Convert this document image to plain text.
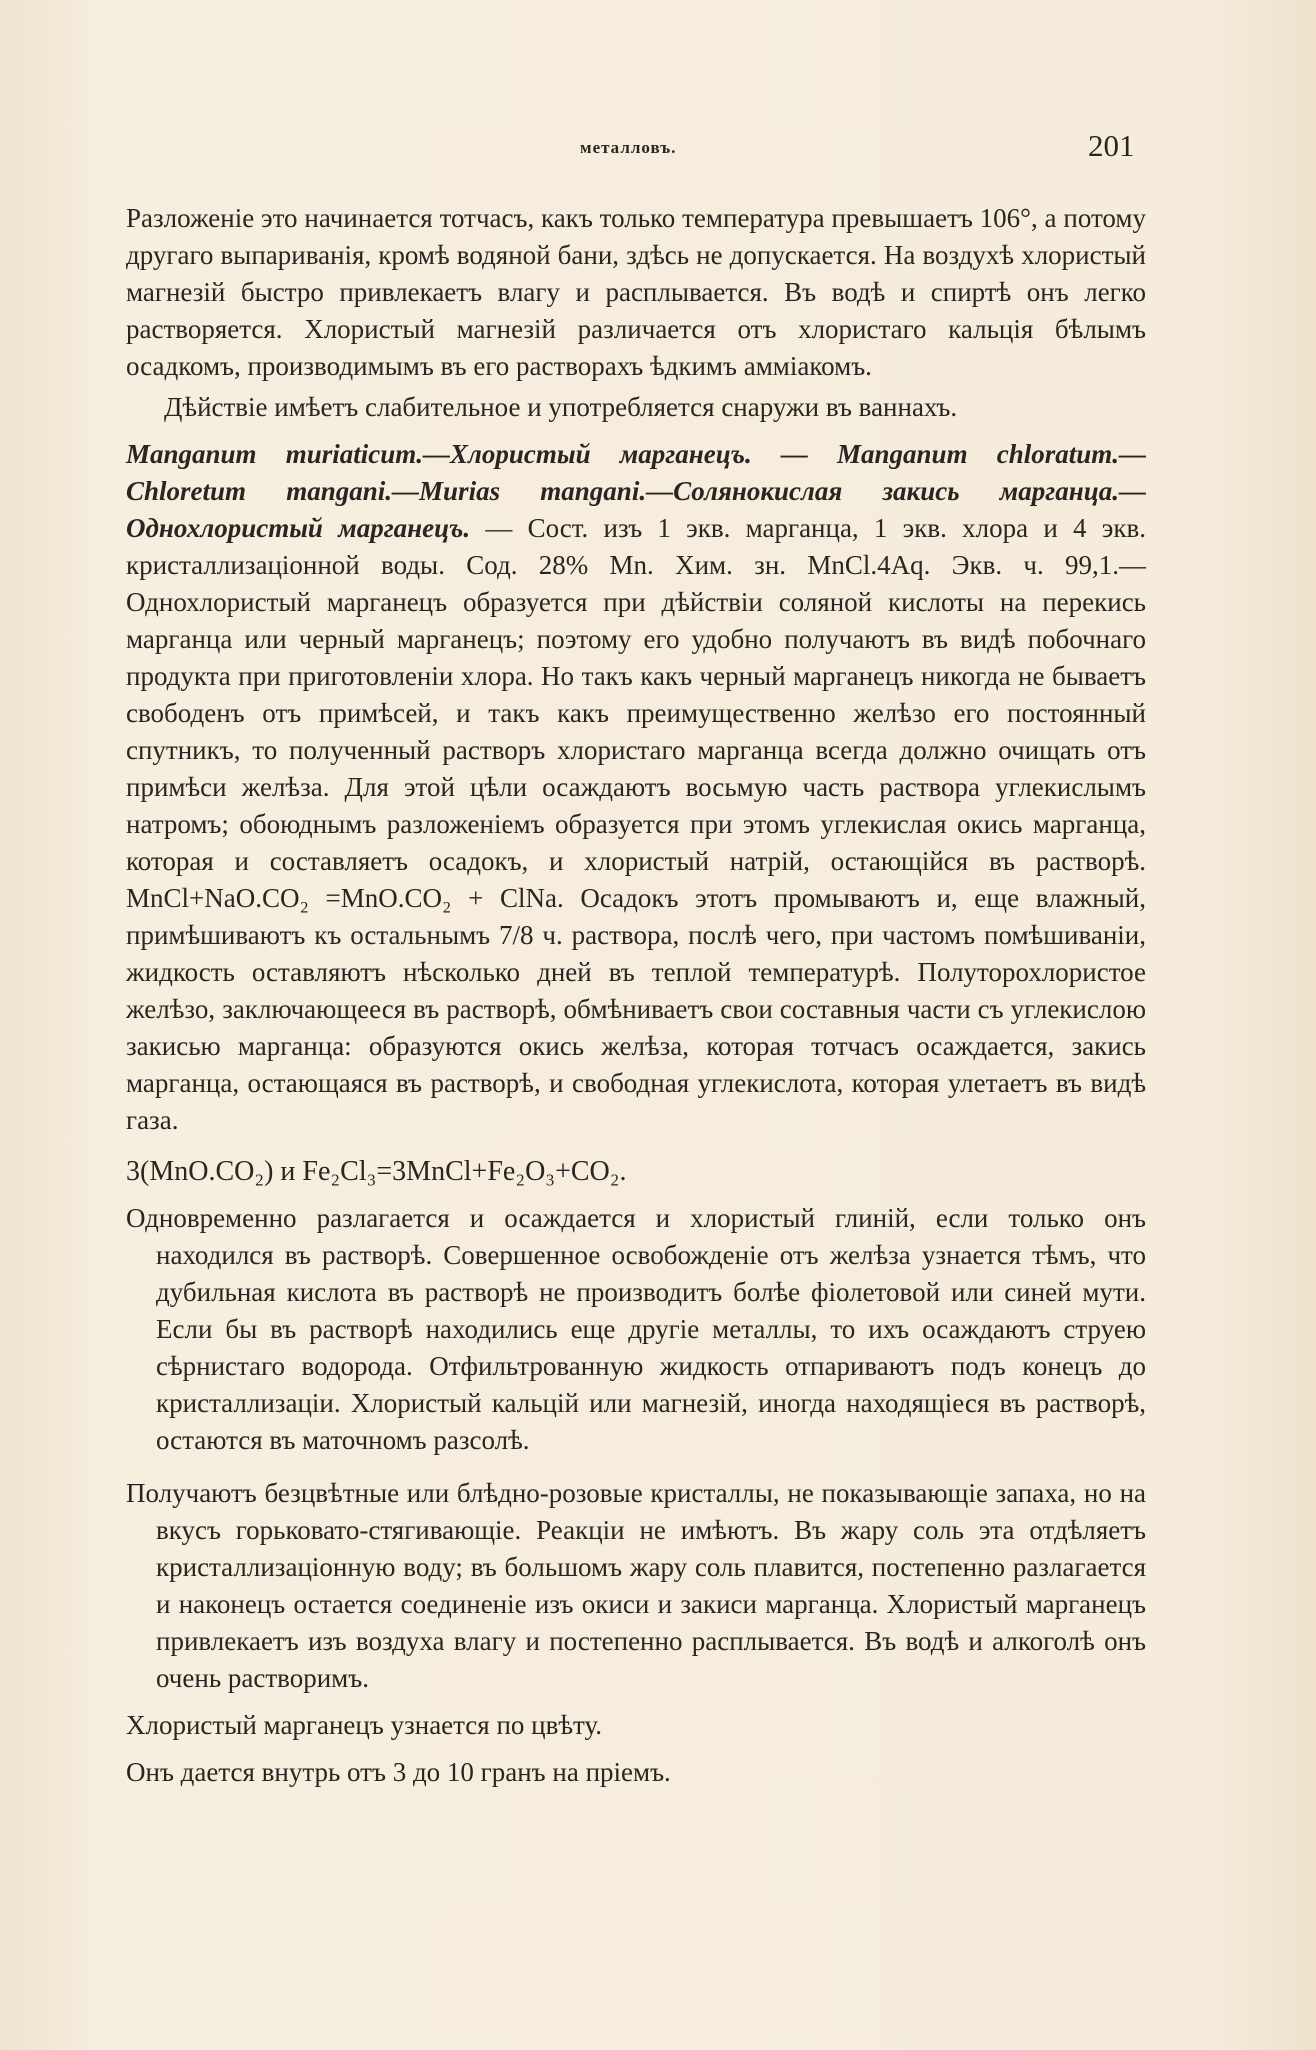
металловъ.	201

Разложеніе это начинается тотчасъ, какъ только температура превышаетъ 106°, а потому другаго выпариванія, кромѣ водяной бани, здѣсь не допускается. На воздухѣ хлористый магнезій быстро привлекаетъ влагу и расплывается. Въ водѣ и спиртѣ онъ легко растворяется. Хлористый магнезій различается отъ хлористаго кальція бѣлымъ осадкомъ, производимымъ въ его растворахъ ѣдкимъ амміакомъ.

Дѣйствіе имѣетъ слабительное и употребляется снаружи въ ваннахъ.

Manganum muriaticum.—Хлористый марганецъ. — Manganum chloratum.—Chloretum mangani.—Murias mangani.—Солянокислая закись марганца.—Однохлористый марганецъ. — Сост. изъ 1 экв. марганца, 1 экв. хлора и 4 экв. кристаллизаціонной воды. Сод. 28% Mn. Хим. зн. MnCl.4Aq. Экв. ч. 99,1.—Однохлористый марганецъ образуется при дѣйствіи соляной кислоты на перекись марганца или черный марганецъ; поэтому его удобно получаютъ въ видѣ побочнаго продукта при приготовленіи хлора. Но такъ какъ черный марганецъ никогда не бываетъ свободенъ отъ примѣсей, и такъ какъ преимущественно желѣзо его постоянный спутникъ, то полученный растворъ хлористаго марганца всегда должно очищать отъ примѣси желѣза. Для этой цѣли осаждаютъ восьмую часть раствора углекислымъ натромъ; обоюднымъ разложеніемъ образуется при этомъ углекислая окись марганца, которая и составляетъ осадокъ, и хлористый натрій, остающійся въ растворѣ. MnCl+NaO.CO₂ =MnO.CO₂ + ClNa. Осадокъ этотъ промываютъ и, еще влажный, примѣшиваютъ къ остальнымъ 7/8 ч. раствора, послѣ чего, при частомъ помѣшиваніи, жидкость оставляютъ нѣсколько дней въ теплой температурѣ. Полуторохлористое желѣзо, заключающееся въ растворѣ, обмѣниваетъ свои составныя части съ углекислою закисью марганца: образуются окись желѣза, которая тотчасъ осаждается, закись марганца, остающаяся въ растворѣ, и свободная углекислота, которая улетаетъ въ видѣ газа.

3(MnO.CO₂) и Fe₂Cl₃=3MnCl+Fe₂O₃+CO₂.

Одновременно разлагается и осаждается и хлористый глиній, если только онъ находился въ растворѣ. Совершенное освобожденіе отъ желѣза узнается тѣмъ, что дубильная кислота въ растворѣ не производитъ болѣе фіолетовой или синей мути. Если бы въ растворѣ находились еще другіе металлы, то ихъ осаждаютъ струею сѣрнистаго водорода. Отфильтрованную жидкость отпариваютъ подъ конецъ до кристаллизаціи. Хлористый кальцій или магнезій, иногда находящіеся въ растворѣ, остаются въ маточномъ разсолѣ.

Получаютъ безцвѣтные или блѣдно-розовые кристаллы, не показывающіе запаха, но на вкусъ горьковато-стягивающіе. Реакціи не имѣютъ. Въ жару соль эта отдѣляетъ кристаллизаціонную воду; въ большомъ жару соль плавится, постепенно разлагается и наконецъ остается соединеніе изъ окиси и закиси марганца. Хлористый марганецъ привлекаетъ изъ воздуха влагу и постепенно расплывается. Въ водѣ и алкоголѣ онъ очень растворимъ.

Хлористый марганецъ узнается по цвѣту.

Онъ дается внутрь отъ 3 до 10 гранъ на пріемъ.
